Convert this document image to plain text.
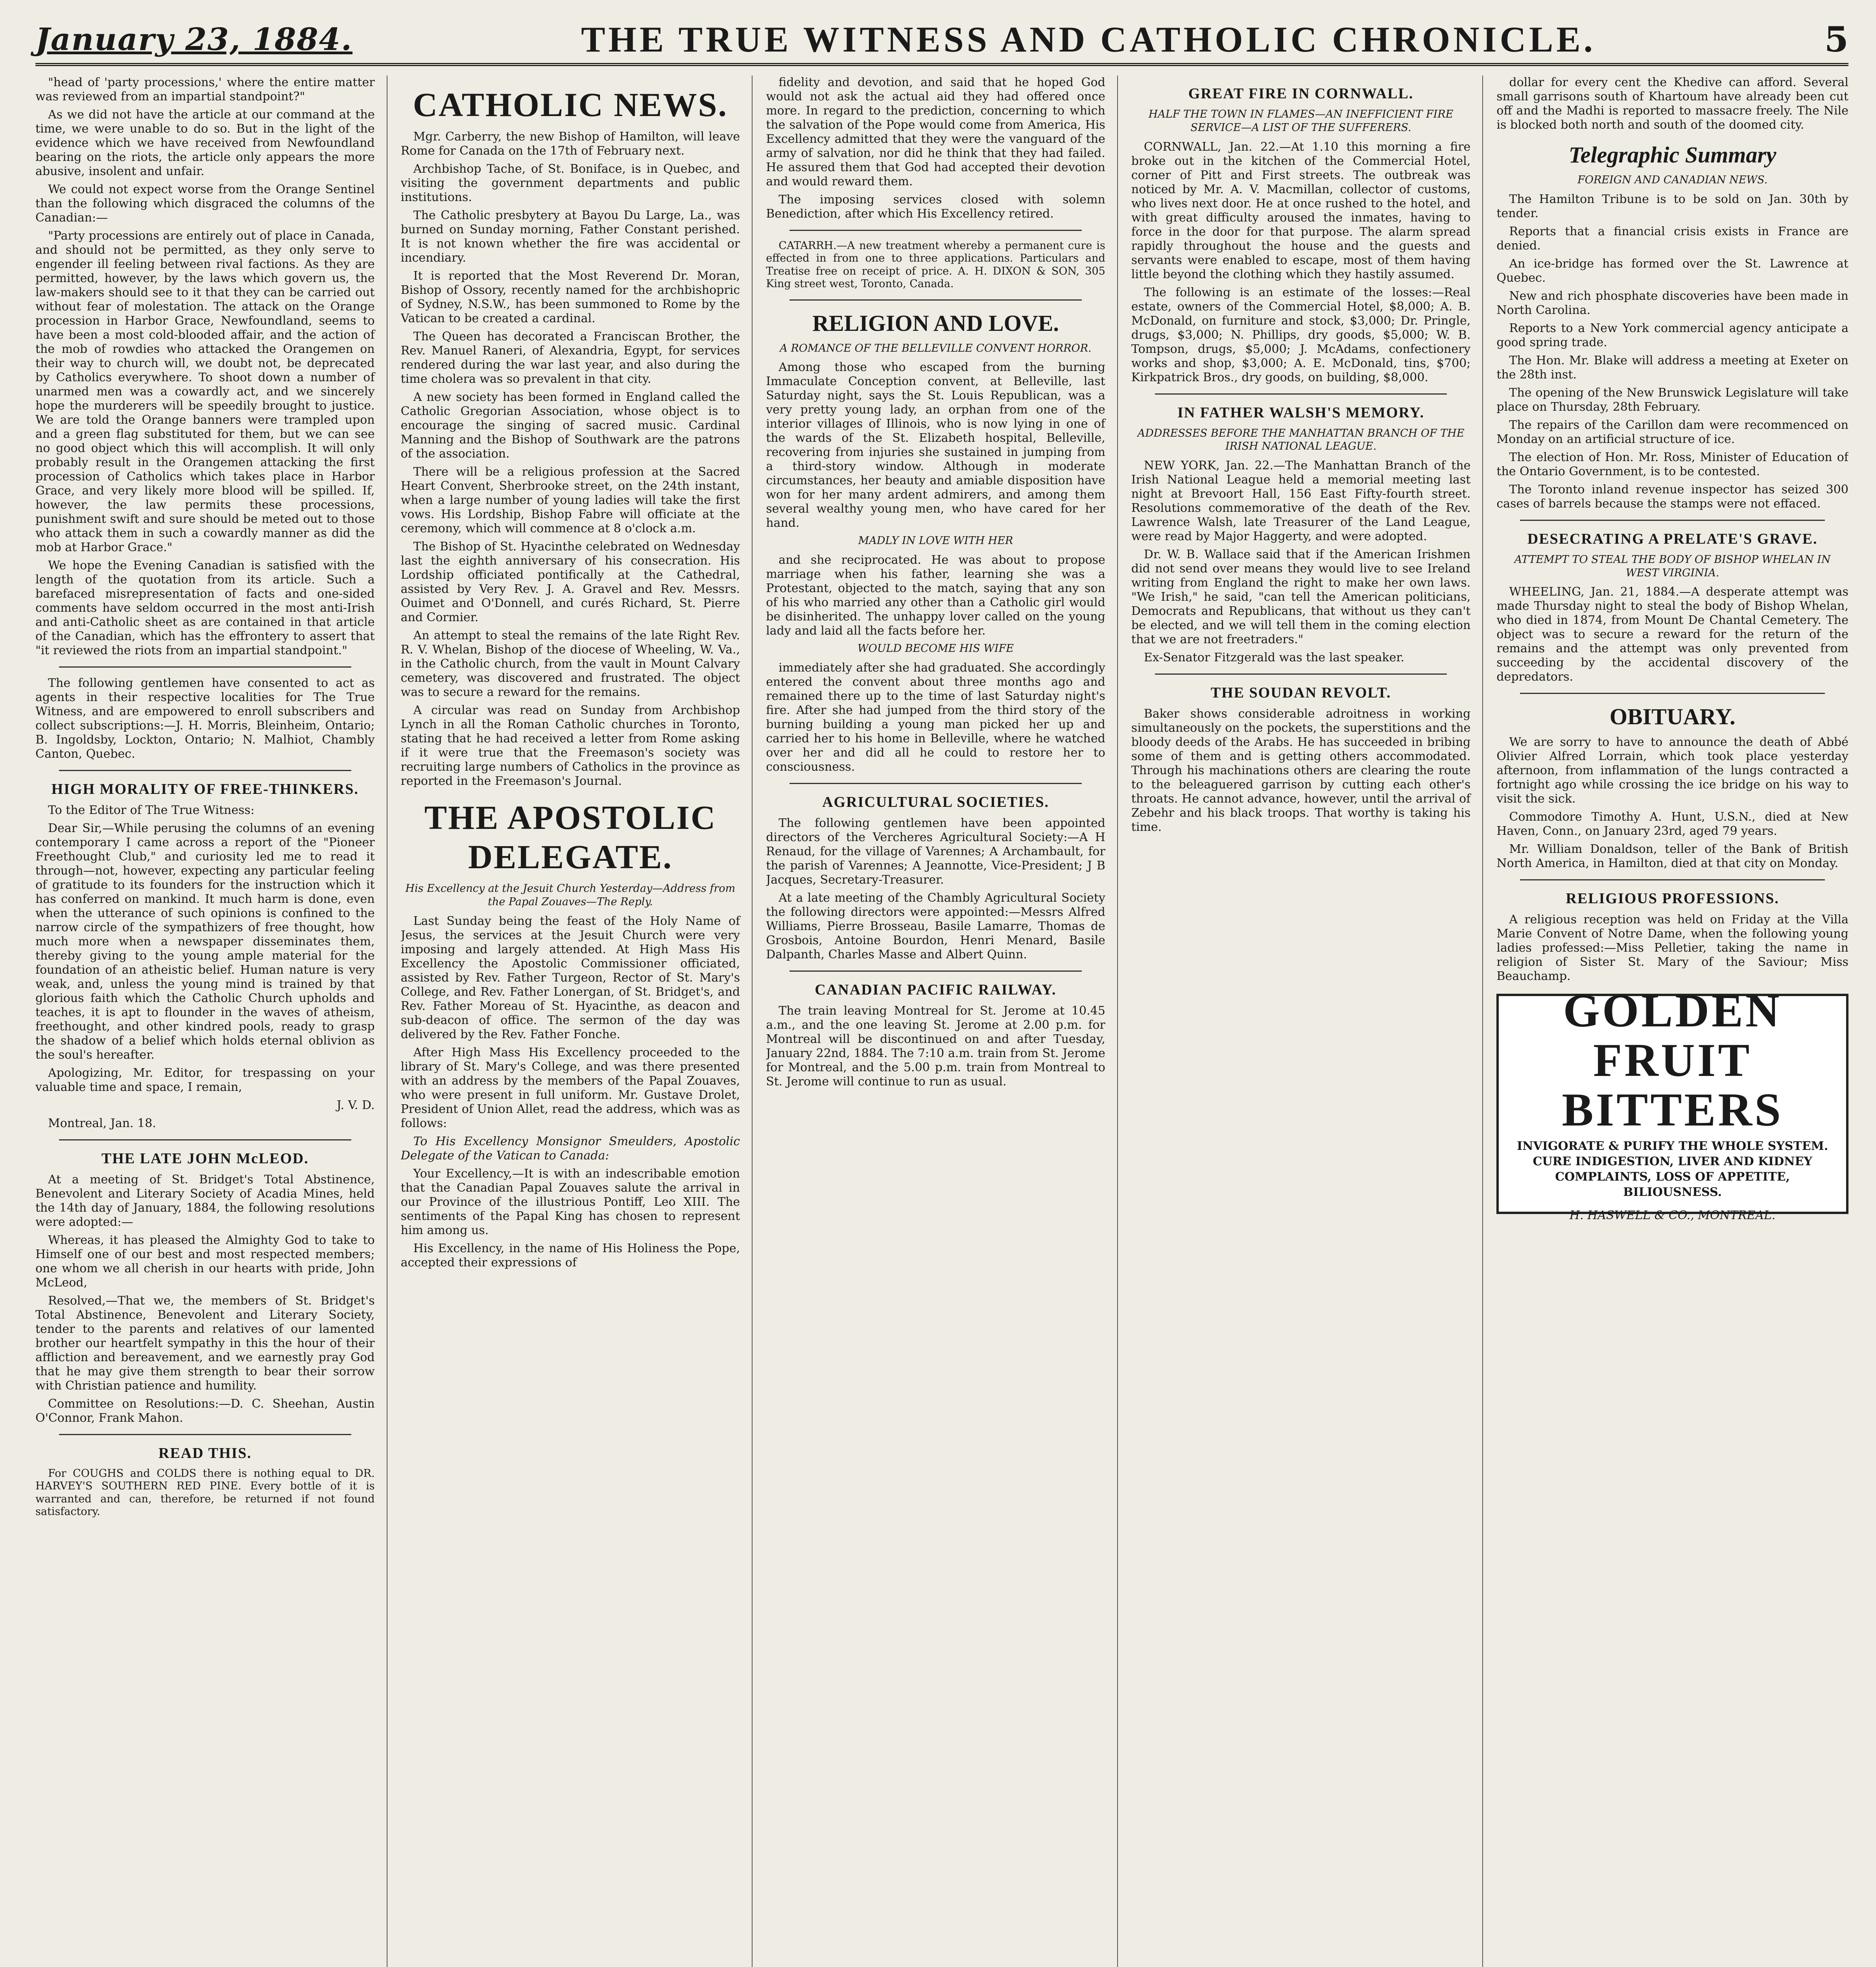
January 23, 1884.	THE TRUE WITNESS AND CATHOLIC CHRONICLE.	5

"head of 'party processions,' where the entire matter was reviewed from an impartial standpoint?"

As we did not have the article at our command at the time, we were unable to do so. But in the light of the evidence which we have received from Newfoundland bearing on the riots, the article only appears the more abusive, insolent and unfair.

We could not expect worse from the Orange Sentinel than the following which disgraced the columns of the Canadian:—

"Party processions are entirely out of place in Canada, and should not be permitted, as they only serve to engender ill feeling between rival factions. As they are permitted, however, by the laws which govern us, the law-makers should see to it that they can be carried out without fear of molestation. The attack on the Orange procession in Harbor Grace, Newfoundland, seems to have been a most cold-blooded affair, and the action of the mob of rowdies who attacked the Orangemen on their way to church will, we doubt not, be deprecated by Catholics everywhere. To shoot down a number of unarmed men was a cowardly act, and we sincerely hope the murderers will be speedily brought to justice. We are told the Orange banners were trampled upon and a green flag substituted for them, but we can see no good object which this will accomplish. It will only probably result in the Orangemen attacking the first procession of Catholics which takes place in Harbor Grace, and very likely more blood will be spilled. If, however, the law permits these processions, punishment swift and sure should be meted out to those who attack them in such a cowardly manner as did the mob at Harbor Grace."

We hope the Evening Canadian is satisfied with the length of the quotation from its article. Such a barefaced misrepresentation of facts and one-sided comments have seldom occurred in the most anti-Irish and anti-Catholic sheet as are contained in that article of the Canadian, which has the effrontery to assert that "it reviewed the riots from an impartial standpoint."

The following gentlemen have consented to act as agents in their respective localities for The True Witness, and are empowered to enroll subscribers and collect subscriptions:—J. H. Morris, Bleinheim, Ontario; B. Ingoldsby, Lockton, Ontario; N. Malhiot, Chambly Canton, Quebec.

HIGH MORALITY OF FREE-THINKERS.

To the Editor of The True Witness:

Dear Sir,—While perusing the columns of an evening contemporary I came across a report of the "Pioneer Freethought Club," and curiosity led me to read it through—not, however, expecting any particular feeling of gratitude to its founders for the instruction which it has conferred on mankind. It much harm is done, even when the utterance of such opinions is confined to the narrow circle of the sympathizers of free thought, how much more when a newspaper disseminates them, thereby giving to the young ample material for the foundation of an atheistic belief. Human nature is very weak, and, unless the young mind is trained by that glorious faith which the Catholic Church upholds and teaches, it is apt to flounder in the waves of atheism, freethought, and other kindred pools, ready to grasp the shadow of a belief which holds eternal oblivion as the soul's hereafter.

Apologizing, Mr. Editor, for trespassing on your valuable time and space, I remain,

J. V. D.

Montreal, Jan. 18.

THE LATE JOHN McLEOD.

At a meeting of St. Bridget's Total Abstinence, Benevolent and Literary Society of Acadia Mines, held the 14th day of January, 1884, the following resolutions were adopted:—

Whereas, it has pleased the Almighty God to take to Himself one of our best and most respected members; one whom we all cherish in our hearts with pride, John McLeod,

Resolved,—That we, the members of St. Bridget's Total Abstinence, Benevolent and Literary Society, tender to the parents and relatives of our lamented brother our heartfelt sympathy in this the hour of their affliction and bereavement, and we earnestly pray God that he may give them strength to bear their sorrow with Christian patience and humility.

Committee on Resolutions:—D. C. Sheehan, Austin O'Connor, Frank Mahon.

READ THIS.

For COUGHS and COLDS there is nothing equal to DR. HARVEY'S SOUTHERN RED PINE. Every bottle of it is warranted and can, therefore, be returned if not found satisfactory.

CATHOLIC NEWS.

Mgr. Carberry, the new Bishop of Hamilton, will leave Rome for Canada on the 17th of February next.

Archbishop Tache, of St. Boniface, is in Quebec, and visiting the government departments and public institutions.

The Catholic presbytery at Bayou Du Large, La., was burned on Sunday morning, Father Constant perished. It is not known whether the fire was accidental or incendiary.

It is reported that the Most Reverend Dr. Moran, Bishop of Ossory, recently named for the archbishopric of Sydney, N.S.W., has been summoned to Rome by the Vatican to be created a cardinal.

The Queen has decorated a Franciscan Brother, the Rev. Manuel Raneri, of Alexandria, Egypt, for services rendered during the war last year, and also during the time cholera was so prevalent in that city.

A new society has been formed in England called the Catholic Gregorian Association, whose object is to encourage the singing of sacred music. Cardinal Manning and the Bishop of Southwark are the patrons of the association.

There will be a religious profession at the Sacred Heart Convent, Sherbrooke street, on the 24th instant, when a large number of young ladies will take the first vows. His Lordship, Bishop Fabre will officiate at the ceremony, which will commence at 8 o'clock a.m.

The Bishop of St. Hyacinthe celebrated on Wednesday last the eighth anniversary of his consecration. His Lordship officiated pontifically at the Cathedral, assisted by Very Rev. J. A. Gravel and Rev. Messrs. Ouimet and O'Donnell, and curés Richard, St. Pierre and Cormier.

An attempt to steal the remains of the late Right Rev. R. V. Whelan, Bishop of the diocese of Wheeling, W. Va., in the Catholic church, from the vault in Mount Calvary cemetery, was discovered and frustrated. The object was to secure a reward for the remains.

A circular was read on Sunday from Archbishop Lynch in all the Roman Catholic churches in Toronto, stating that he had received a letter from Rome asking if it were true that the Freemason's society was recruiting large numbers of Catholics in the province as reported in the Freemason's Journal.

THE APOSTOLIC DELEGATE.
His Excellency at the Jesuit Church Yesterday—Address from the Papal Zouaves—The Reply.

Last Sunday being the feast of the Holy Name of Jesus, the services at the Jesuit Church were very imposing and largely attended. At High Mass His Excellency the Apostolic Commissioner officiated, assisted by Rev. Father Turgeon, Rector of St. Mary's College, and Rev. Father Lonergan, of St. Bridget's, and Rev. Father Moreau of St. Hyacinthe, as deacon and sub-deacon of office. The sermon of the day was delivered by the Rev. Father Fonche.

After High Mass His Excellency proceeded to the library of St. Mary's College, and was there presented with an address by the members of the Papal Zouaves, who were present in full uniform. Mr. Gustave Drolet, President of Union Allet, read the address, which was as follows:

To His Excellency Monsignor Smeulders, Apostolic Delegate of the Vatican to Canada:

Your Excellency,—It is with an indescribable emotion that the Canadian Papal Zouaves salute the arrival in our Province of the illustrious Pontiff, Leo XIII. The sentiments of the Papal King has chosen to represent him among us.

His Excellency, in the name of His Holiness the Pope, accepted their expressions of

fidelity and devotion, and said that he hoped God would not ask the actual aid they had offered once more. In regard to the prediction, concerning to which the salvation of the Pope would come from America, His Excellency admitted that they were the vanguard of the army of salvation, nor did he think that they had failed. He assured them that God had accepted their devotion and would reward them.

The imposing services closed with solemn Benediction, after which His Excellency retired.

CATARRH.—A new treatment whereby a permanent cure is effected in from one to three applications. Particulars and Treatise free on receipt of price. A. H. DIXON & SON, 305 King street west, Toronto, Canada.

RELIGION AND LOVE.
A ROMANCE OF THE BELLEVILLE CONVENT HORROR.

Among those who escaped from the burning Immaculate Conception convent, at Belleville, last Saturday night, says the St. Louis Republican, was a very pretty young lady, an orphan from one of the interior villages of Illinois, who is now lying in one of the wards of the St. Elizabeth hospital, Belleville, recovering from injuries she sustained in jumping from a third-story window. Although in moderate circumstances, her beauty and amiable disposition have won for her many ardent admirers, and among them several wealthy young men, who have cared for her hand.

MADLY IN LOVE WITH HER

and she reciprocated. He was about to propose marriage when his father, learning she was a Protestant, objected to the match, saying that any son of his who married any other than a Catholic girl would be disinherited. The unhappy lover called on the young lady and laid all the facts before her.

WOULD BECOME HIS WIFE

immediately after she had graduated. She accordingly entered the convent about three months ago and remained there up to the time of last Saturday night's fire. After she had jumped from the third story of the burning building a young man picked her up and carried her to his home in Belleville, where he watched over her and did all he could to restore her to consciousness.

AGRICULTURAL SOCIETIES.

The following gentlemen have been appointed directors of the Vercheres Agricultural Society:—A H Renaud, for the village of Varennes; A Archambault, for the parish of Varennes; A Jeannotte, Vice-President; J B Jacques, Secretary-Treasurer.

At a late meeting of the Chambly Agricultural Society the following directors were appointed:—Messrs Alfred Williams, Pierre Brosseau, Basile Lamarre, Thomas de Grosbois, Antoine Bourdon, Henri Menard, Basile Dalpanth, Charles Masse and Albert Quinn.

CANADIAN PACIFIC RAILWAY.

The train leaving Montreal for St. Jerome at 10.45 a.m., and the one leaving St. Jerome at 2.00 p.m. for Montreal will be discontinued on and after Tuesday, January 22nd, 1884. The 7:10 a.m. train from St. Jerome for Montreal, and the 5.00 p.m. train from Montreal to St. Jerome will continue to run as usual.

GREAT FIRE IN CORNWALL.
HALF THE TOWN IN FLAMES—AN INEFFICIENT FIRE SERVICE—A LIST OF THE SUFFERERS.

CORNWALL, Jan. 22.—At 1.10 this morning a fire broke out in the kitchen of the Commercial Hotel, corner of Pitt and First streets. The outbreak was noticed by Mr. A. V. Macmillan, collector of customs, who lives next door. He at once rushed to the hotel, and with great difficulty aroused the inmates, having to force in the door for that purpose. The alarm spread rapidly throughout the house and the guests and servants were enabled to escape, most of them having little beyond the clothing which they hastily assumed.

The following is an estimate of the losses:—Real estate, owners of the Commercial Hotel, $8,000; A. B. McDonald, on furniture and stock, $3,000; Dr. Pringle, drugs, $3,000; N. Phillips, dry goods, $5,000; W. B. Tompson, drugs, $5,000; J. McAdams, confectionery works and shop, $3,000; A. E. McDonald, tins, $700; Kirkpatrick Bros., dry goods, on building, $8,000.

IN FATHER WALSH'S MEMORY.
ADDRESSES BEFORE THE MANHATTAN BRANCH OF THE IRISH NATIONAL LEAGUE.

NEW YORK, Jan. 22.—The Manhattan Branch of the Irish National League held a memorial meeting last night at Brevoort Hall, 156 East Fifty-fourth street. Resolutions commemorative of the death of the Rev. Lawrence Walsh, late Treasurer of the Land League, were read by Major Haggerty, and were adopted.

Dr. W. B. Wallace said that if the American Irishmen did not send over means they would live to see Ireland writing from England the right to make her own laws. "We Irish," he said, "can tell the American politicians, Democrats and Republicans, that without us they can't be elected, and we will tell them in the coming election that we are not freetraders."

Ex-Senator Fitzgerald was the last speaker.

THE SOUDAN REVOLT.

Baker shows considerable adroitness in working simultaneously on the pockets, the superstitions and the bloody deeds of the Arabs. He has succeeded in bribing some of them and is getting others accommodated. Through his machinations others are clearing the route to the beleaguered garrison by cutting each other's throats. He cannot advance, however, until the arrival of Zebehr and his black troops. That worthy is taking his time.

dollar for every cent the Khedive can afford. Several small garrisons south of Khartoum have already been cut off and the Madhi is reported to massacre freely. The Nile is blocked both north and south of the doomed city.

Telegraphic Summary
FOREIGN AND CANADIAN NEWS.

The Hamilton Tribune is to be sold on Jan. 30th by tender.

Reports that a financial crisis exists in France are denied.

An ice-bridge has formed over the St. Lawrence at Quebec.

New and rich phosphate discoveries have been made in North Carolina.

Reports to a New York commercial agency anticipate a good spring trade.

The Hon. Mr. Blake will address a meeting at Exeter on the 28th inst.

The opening of the New Brunswick Legislature will take place on Thursday, 28th February.

The repairs of the Carillon dam were recommenced on Monday on an artificial structure of ice.

The election of Hon. Mr. Ross, Minister of Education of the Ontario Government, is to be contested.

The Toronto inland revenue inspector has seized 300 cases of barrels because the stamps were not effaced.

DESECRATING A PRELATE'S GRAVE.
ATTEMPT TO STEAL THE BODY OF BISHOP WHELAN IN WEST VIRGINIA.

WHEELING, Jan. 21, 1884.—A desperate attempt was made Thursday night to steal the body of Bishop Whelan, who died in 1874, from Mount De Chantal Cemetery. The object was to secure a reward for the return of the remains and the attempt was only prevented from succeeding by the accidental discovery of the depredators.

OBITUARY.

We are sorry to have to announce the death of Abbé Olivier Alfred Lorrain, which took place yesterday afternoon, from inflammation of the lungs contracted a fortnight ago while crossing the ice bridge on his way to visit the sick.

Commodore Timothy A. Hunt, U.S.N., died at New Haven, Conn., on January 23rd, aged 79 years.

Mr. William Donaldson, teller of the Bank of British North America, in Hamilton, died at that city on Monday.

RELIGIOUS PROFESSIONS.

A religious reception was held on Friday at the Villa Marie Convent of Notre Dame, when the following young ladies professed:—Miss Pelletier, taking the name in religion of Sister St. Mary of the Saviour; Miss Beauchamp.

GOLDEN FRUIT BITTERS
INVIGORATE & PURIFY THE WHOLE SYSTEM. CURE INDIGESTION, LIVER AND KIDNEY COMPLAINTS, LOSS OF APPETITE, BILIOUSNESS.
H. HASWELL & CO., MONTREAL.
